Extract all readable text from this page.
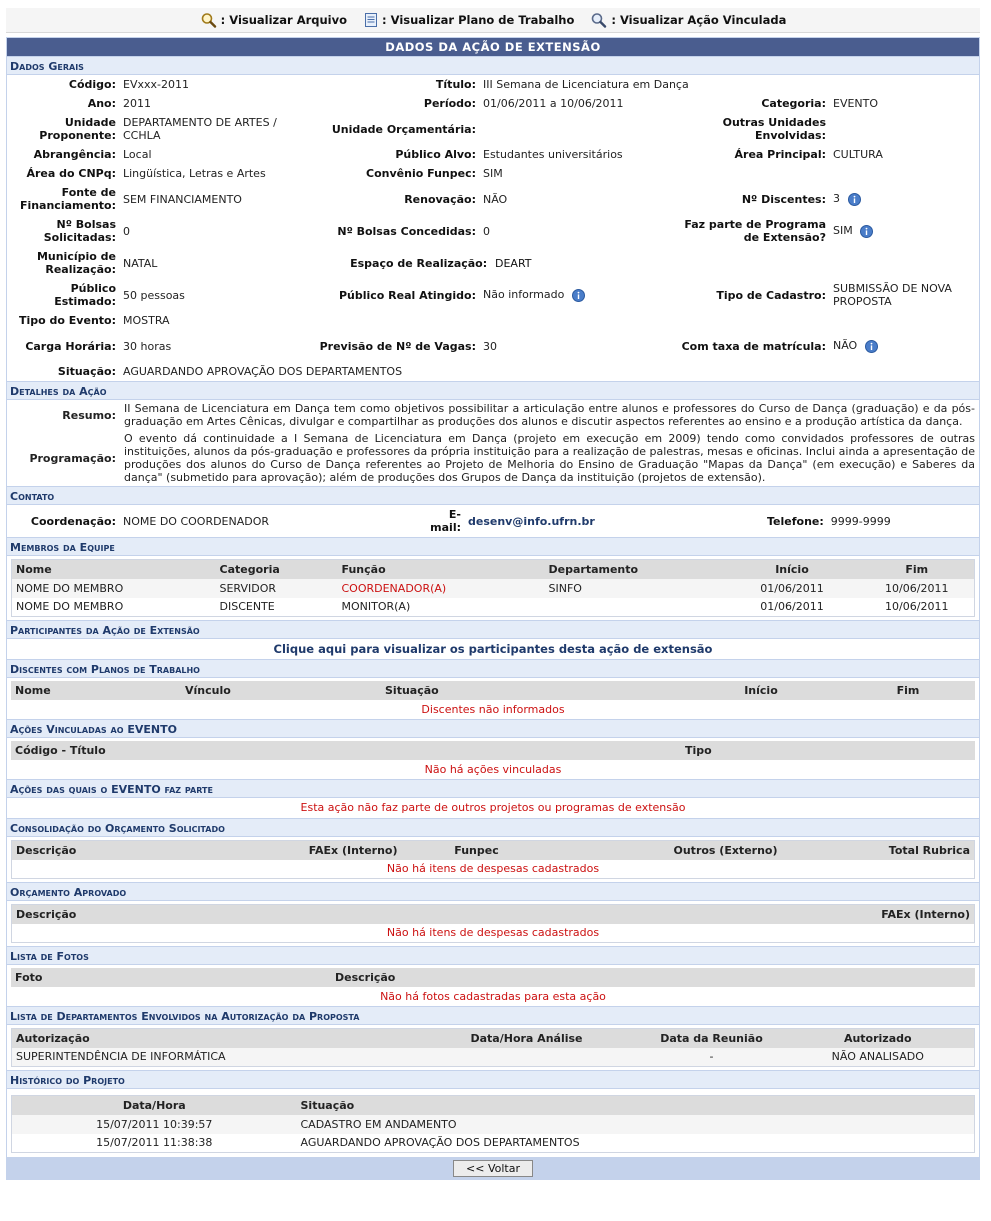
: Visualizar Arquivo	: Visualizar Plano de Trabalho	: Visualizar Ação Vinculada
DADOS DA AÇÃO DE EXTENSÃO
Dados Gerais
Código:	EVxxx-2011	Título:	III Semana de Licenciatura em Dança
Ano:	2011	Período:	01/06/2011 a 10/06/2011	Categoria:	EVENTO
Unidade Proponente:	DEPARTAMENTO DE ARTES / CCHLA	Unidade Orçamentária:		Outras Unidades Envolvidas:	
Abrangência:	Local	Público Alvo:	Estudantes universitários	Área Principal:	CULTURA
Área do CNPq:	Lingüística, Letras e Artes	Convênio Funpec:	SIM
Fonte de Financiamento:	SEM FINANCIAMENTO	Renovação:	NÃO	Nº Discentes:	3
Nº Bolsas Solicitadas:	0	Nº Bolsas Concedidas:	0	Faz parte de Programa de Extensão?	SIM
Município de Realização:	NATAL	Espaço de Realização: DEART	
Público Estimado:	50 pessoas	Público Real Atingido:	Não informado	Tipo de Cadastro:	SUBMISSÃO DE NOVA PROPOSTA
Tipo do Evento:	MOSTRA
Carga Horária:	30 horas	Previsão de Nº de Vagas:	30	Com taxa de matrícula:	NÃO
Situação:	AGUARDANDO APROVAÇÃO DOS DEPARTAMENTOS
Detalhes da Ação
Resumo:	II Semana de Licenciatura em Dança tem como objetivos possibilitar a articulação entre alunos e professores do Curso de Dança (graduação) e da pós-graduação em Artes Cênicas, divulgar e compartilhar as produções dos alunos e discutir aspectos referentes ao ensino e a produção artística da dança.
Programação:	O evento dá continuidade a I Semana de Licenciatura em Dança (projeto em execução em 2009) tendo como convidados professores de outras instituições, alunos da pós-graduação e professores da própria instituição para a realização de palestras, mesas e oficinas. Inclui ainda a apresentação de produções dos alunos do Curso de Dança referentes ao Projeto de Melhoria do Ensino de Graduação "Mapas da Dança" (em execução) e Saberes da dança" (submetido para aprovação); além de produções dos Grupos de Dança da instituição (projetos de extensão).
Contato
Coordenação:	NOME DO COORDENADOR	E-mail:	desenv@info.ufrn.br	Telefone:	9999-9999
Membros da Equipe
Nome	Categoria	Função	Departamento	Início	Fim
NOME DO MEMBRO	SERVIDOR	COORDENADOR(A)	SINFO	01/06/2011	10/06/2011
NOME DO MEMBRO	DISCENTE	MONITOR(A)		01/06/2011	10/06/2011
Participantes da Ação de Extensão
Clique aqui para visualizar os participantes desta ação de extensão
Discentes com Planos de Trabalho
Nome	Vínculo	Situação	Início	Fim
Discentes não informados
Ações Vinculadas ao EVENTO
Código - Título	Tipo
Não há ações vinculadas
Ações das quais o EVENTO faz parte
Esta ação não faz parte de outros projetos ou programas de extensão
Consolidação do Orçamento Solicitado
Descrição	FAEx (Interno)	Funpec	Outros (Externo)	Total Rubrica
Não há itens de despesas cadastrados
Orçamento Aprovado
Descrição	FAEx (Interno)
Não há itens de despesas cadastrados
Lista de Fotos
Foto	Descrição
Não há fotos cadastradas para esta ação
Lista de Departamentos Envolvidos na Autorização da Proposta
Autorização	Data/Hora Análise	Data da Reunião	Autorizado
SUPERINTENDÊNCIA DE INFORMÁTICA		-	NÃO ANALISADO
Histórico do Projeto
Data/Hora	Situação
15/07/2011 10:39:57	CADASTRO EM ANDAMENTO
15/07/2011 11:38:38	AGUARDANDO APROVAÇÃO DOS DEPARTAMENTOS
<< Voltar
